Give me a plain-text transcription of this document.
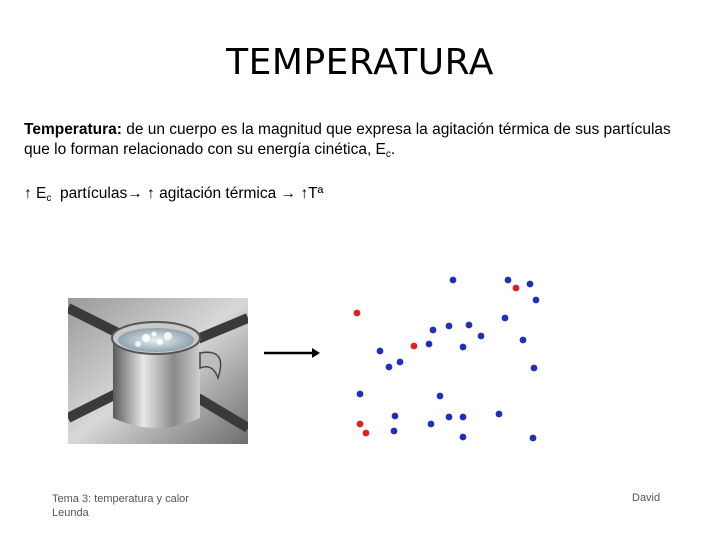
TEMPERATURA
Temperatura: de un cuerpo es la magnitud que expresa la agitación térmica de sus partículas que lo forman relacionado con su energía cinética, $E_c$.
↑ $E_c$  partículas→ ↑ agitación térmica → ↑Tª
Tema 3: temperatura y calor
Leunda
David
